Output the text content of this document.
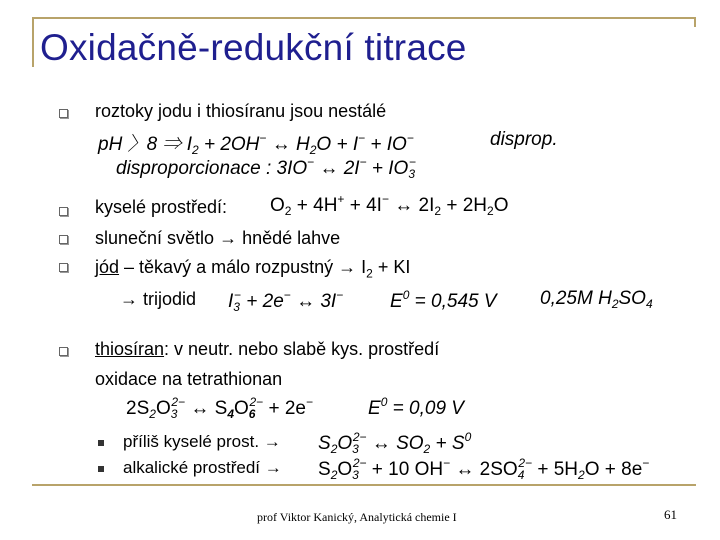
Oxidačně-redukční titrace
roztoky jodu i thiosíranu jsou nestálé
pH 〉8 ⇒ $I_2 + 2OH^-$ ↔ $H_2O + I^- + IO^-$	disprop.
disproporcionace : 3IO− ↔ $2I^- + IO_3^-$
kyselé prostředí: $O_2 + 4H^+ + 4I^-$ ↔ $2I_2 + 2H_2O$
sluneční světlo → hnědé lahve
jód – těkavý a málo rozpustný → $I_2$ + KI
→ trijodid $I_3^- + 2e^-$ ↔ 3I− $E^0 = 0,545$ V 0,25M $H_2SO_4$
thiosíran: v neutr. nebo slabě kys. prostředí
oxidace na tetrathionan
$2S_2O_3^{2-}$ ↔ $S_4O_6^{2-} + 2e^-$	$E^0 = 0,09$ V
příliš kyselé prost. → $S_2O_3^{2-}$ ↔ $SO_2 + S^0$
alkalické prostředí → $S_2O_3^{2-} + 10$ OH− ↔ $2SO_4^{2-} + 5H_2O + 8e^-$
prof Viktor Kanický, Analytická chemie I	61
